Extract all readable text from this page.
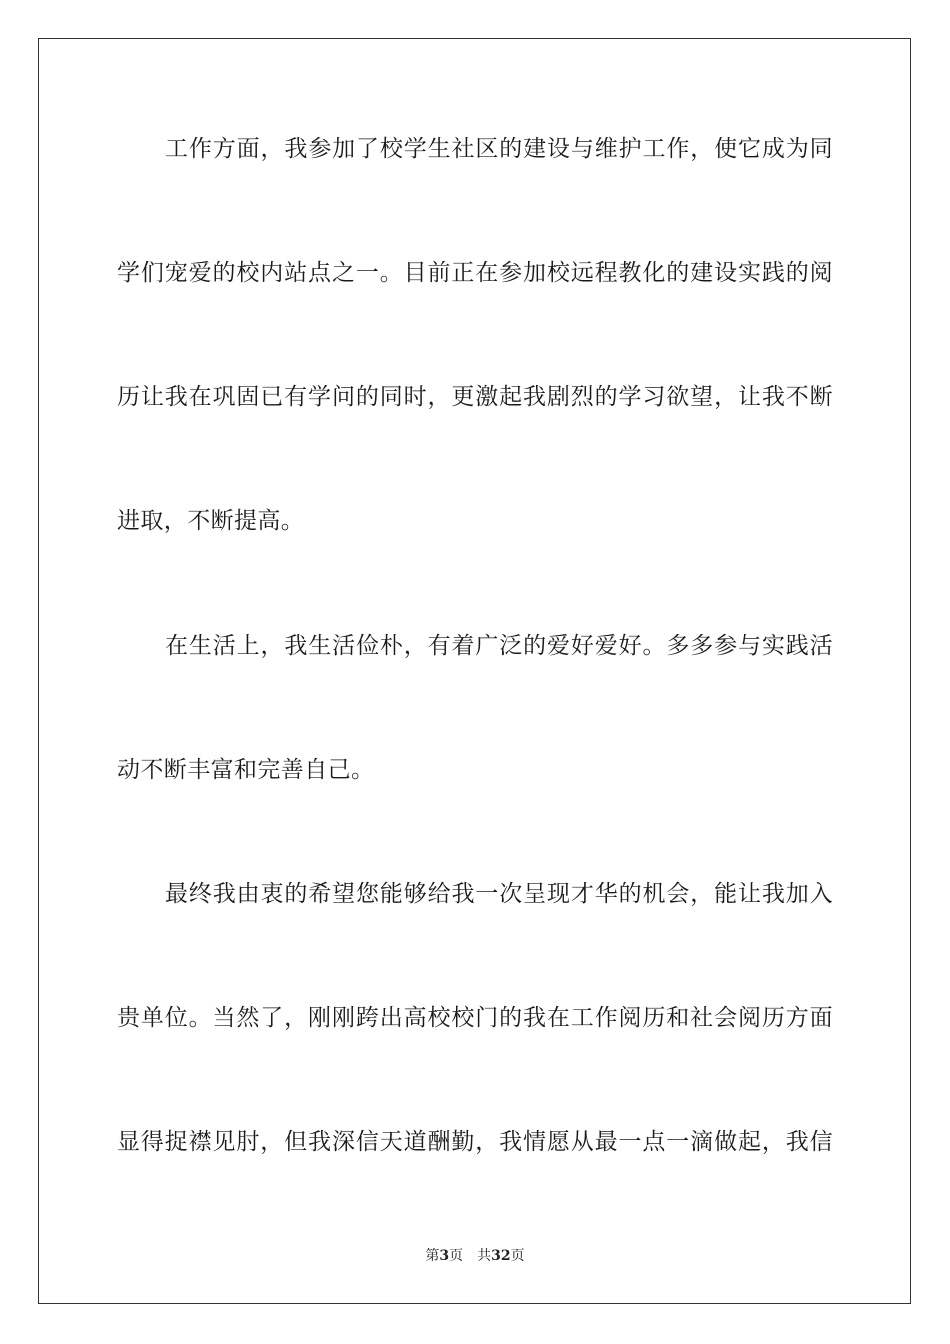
工作方面，我参加了校学生社区的建设与维护工作，使它成为同
学们宠爱的校内站点之一。目前正在参加校远程教化的建设实践的阅
历让我在巩固已有学问的同时，更激起我剧烈的学习欲望，让我不断
进取，不断提高。
在生活上，我生活俭朴，有着广泛的爱好爱好。多多参与实践活
动不断丰富和完善自己。
最终我由衷的希望您能够给我一次呈现才华的机会，能让我加入
贵单位。当然了，刚刚跨出高校校门的我在工作阅历和社会阅历方面
显得捉襟见肘，但我深信天道酬勤，我情愿从最一点一滴做起，我信
第3页 共32页
